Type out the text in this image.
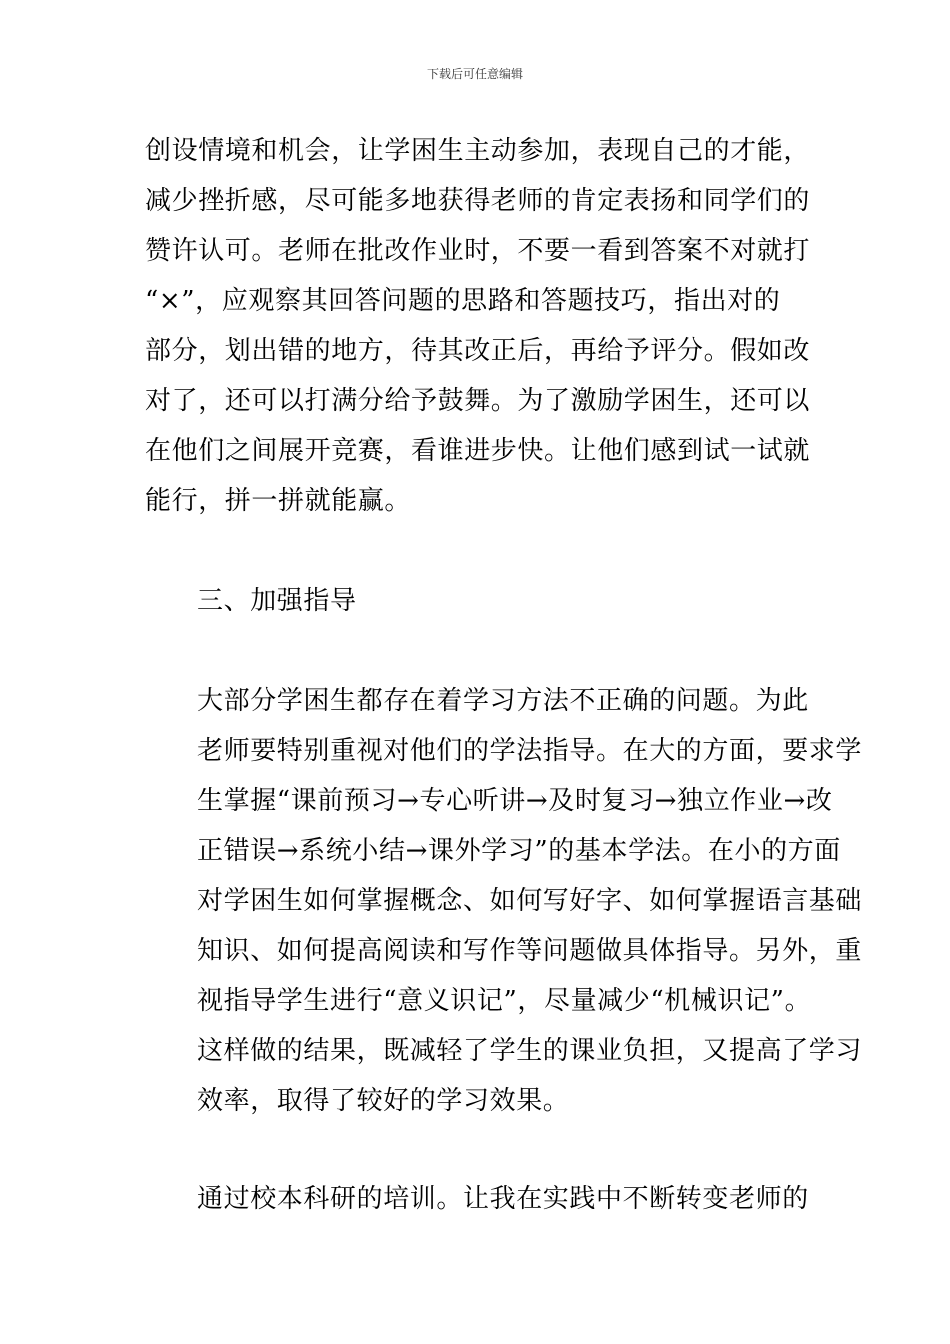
下载后可任意编辑

创设情境和机会，让学困生主动参加，表现自己的才能，
减少挫折感，尽可能多地获得老师的肯定表扬和同学们的
赞许认可。老师在批改作业时，不要一看到答案不对就打
“×”，应观察其回答问题的思路和答题技巧，指出对的
部分，划出错的地方，待其改正后，再给予评分。假如改
对了，还可以打满分给予鼓舞。为了激励学困生，还可以
在他们之间展开竞赛，看谁进步快。让他们感到试一试就
能行，拼一拼就能赢。

三、加强指导

大部分学困生都存在着学习方法不正确的问题。为此
老师要特别重视对他们的学法指导。在大的方面，要求学
生掌握“课前预习→专心听讲→及时复习→独立作业→改
正错误→系统小结→课外学习”的基本学法。在小的方面
对学困生如何掌握概念、如何写好字、如何掌握语言基础
知识、如何提高阅读和写作等问题做具体指导。另外，重
视指导学生进行“意义识记”，尽量减少“机械识记”。
这样做的结果，既减轻了学生的课业负担，又提高了学习
效率，取得了较好的学习效果。

通过校本科研的培训。让我在实践中不断转变老师的
